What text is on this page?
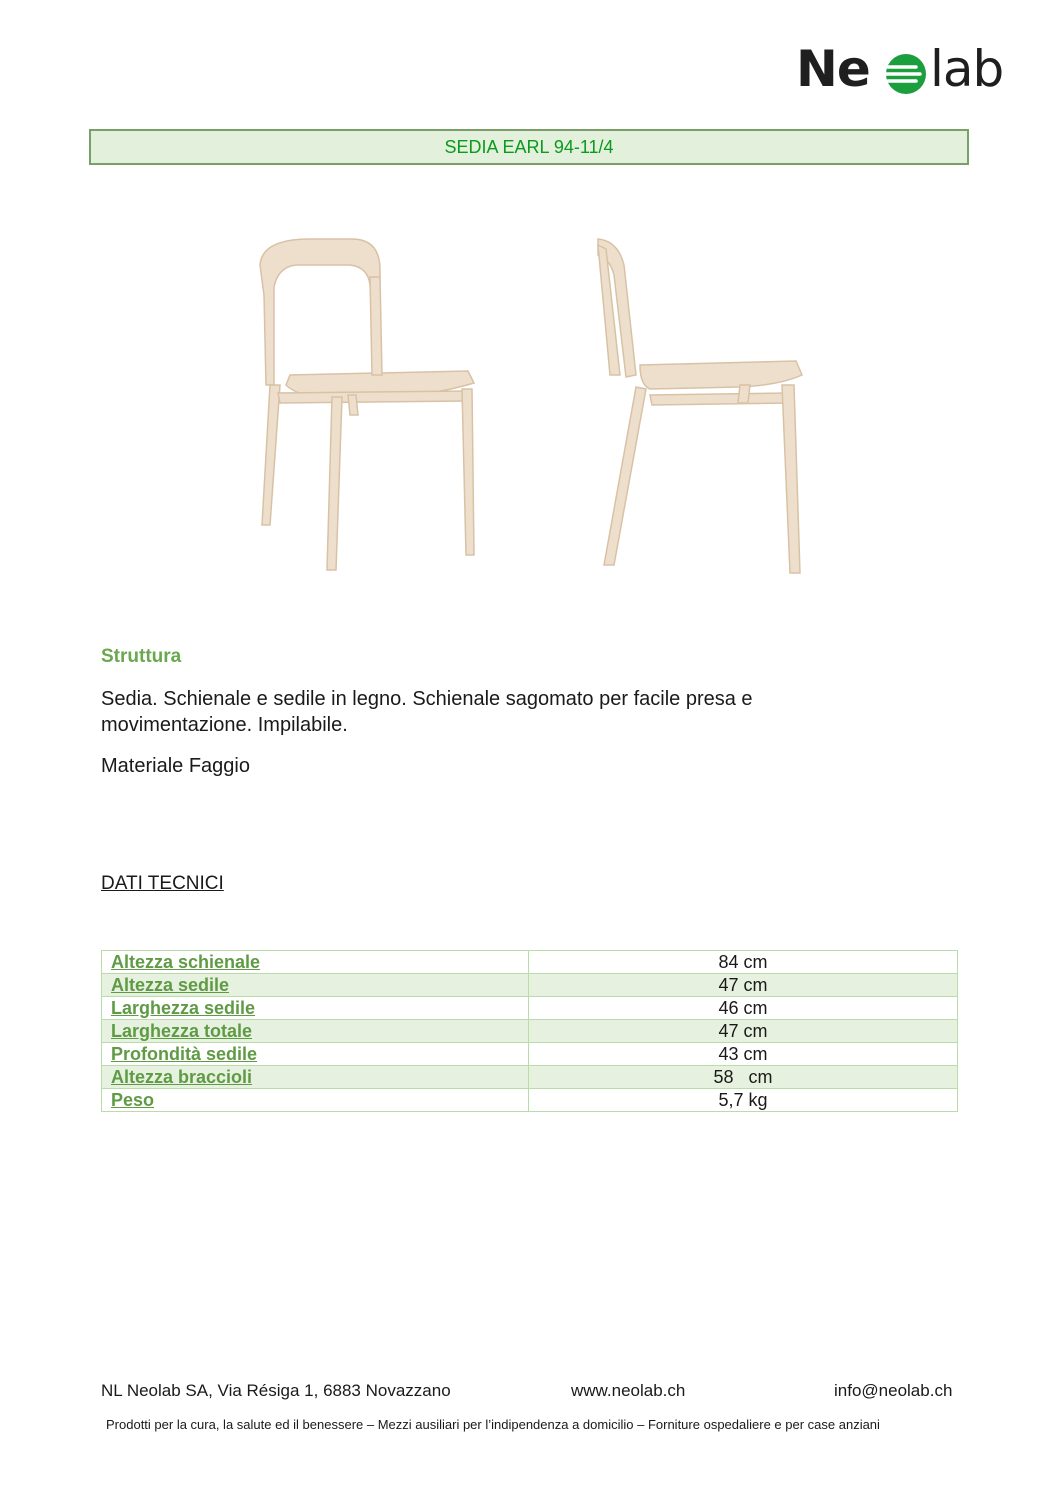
Ne lab
SEDIA EARL 94-11/4
Struttura
Sedia. Schienale e sedile in legno. Schienale sagomato per facile presa e movimentazione. Impilabile.
Materiale Faggio
DATI TECNICI
Altezza schienale	84 cm
Altezza sedile	47 cm
Larghezza sedile	46 cm
Larghezza totale	47 cm
Profondità sedile	43 cm
Altezza braccioli	58   cm
Peso	5,7 kg
NL Neolab SA, Via Résiga 1, 6883 Novazzano	www.neolab.ch	info@neolab.ch
Prodotti per la cura, la salute ed il benessere – Mezzi ausiliari per l’indipendenza a domicilio – Forniture ospedaliere e per case anziani
